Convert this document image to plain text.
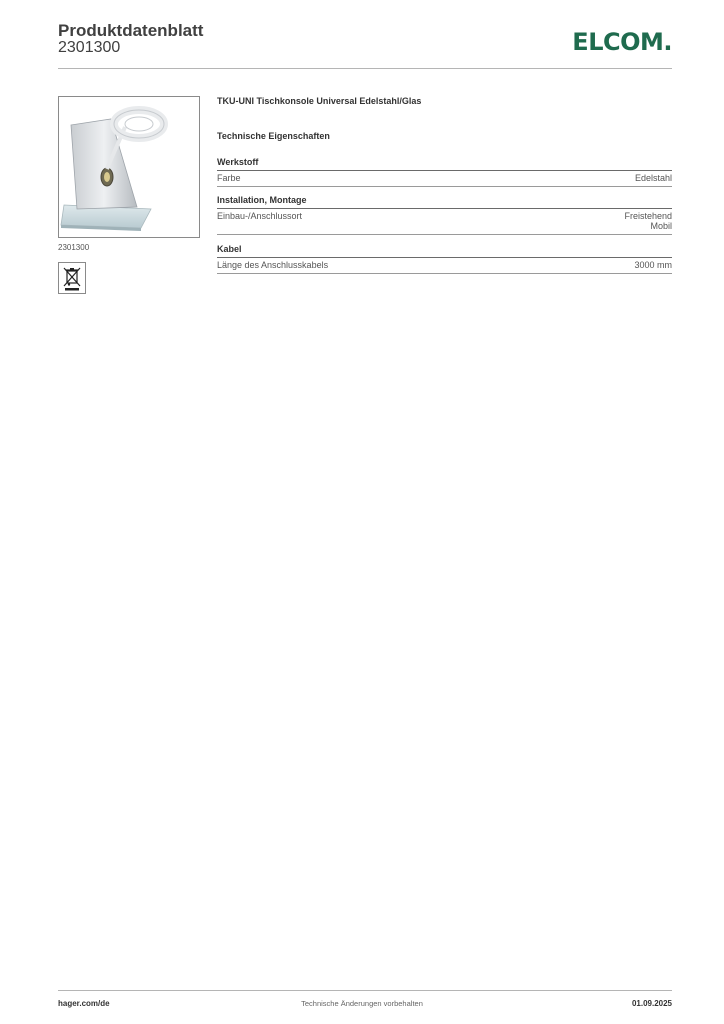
Produktdatenblatt
2301300	ELCOM.
2301300
TKU-UNI Tischkonsole Universal Edelstahl/Glas
Technische Eigenschaften
Werkstoff
Farbe	Edelstahl
Installation, Montage
Einbau-/Anschlussort	Freistehend
Mobil
Kabel
Länge des Anschlusskabels	3000 mm
hager.com/de	Technische Änderungen vorbehalten	01.09.2025
